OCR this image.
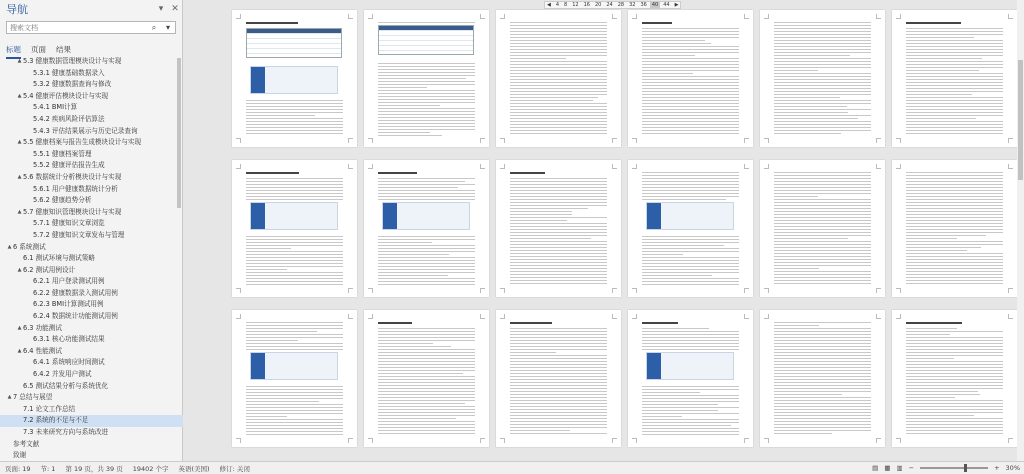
导航	▾ ✕
搜索文档
⌕	▾
标题 页面 结果
▲ 5.3 健康数据管理模块设计与实现
5.3.1 健康基础数据录入
5.3.2 健康数据查询与修改
▲ 5.4 健康评估模块设计与实现
5.4.1 BMI计算
5.4.2 疾病风险评估算法
5.4.3 评估结果展示与历史记录查询
▲ 5.5 健康档案与报告生成模块设计与实现
5.5.1 健康档案管理
5.5.2 健康评估报告生成
▲ 5.6 数据统计分析模块设计与实现
5.6.1 用户健康数据统计分析
5.6.2 健康趋势分析
▲ 5.7 健康知识管理模块设计与实现
5.7.1 健康知识文章浏览
5.7.2 健康知识文章发布与管理
▲ 6 系统测试
6.1 测试环境与测试策略
▲ 6.2 测试用例设计
6.2.1 用户登录测试用例
6.2.2 健康数据录入测试用例
6.2.3 BMI计算测试用例
6.2.4 数据统计功能测试用例
▲ 6.3 功能测试
6.3.1 核心功能测试结果
▲ 6.4 性能测试
6.4.1 系统响应时间测试
6.4.2 并发用户测试
6.5 测试结果分析与系统优化
▲ 7 总结与展望
7.1 论文工作总结
7.2 系统的不足与不足
7.3 未来研究方向与系统改进
参考文献
致谢
◀	4	8	12	16	20	24	28	32	36	40	44	▶
页面: 19	节: 1	第 19 页，共 39 页	19402 个字	英语(美国)	修订: 关闭	▤ ▦ ▥ −	+ 30%
